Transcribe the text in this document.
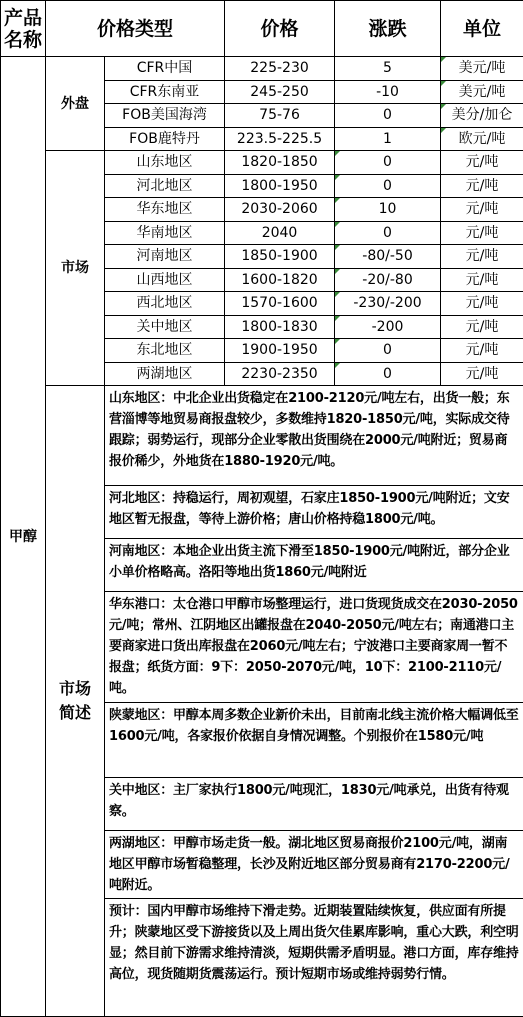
产品名称	价格类型		价格	涨跌	单位
甲醇	外盘	CFR中国	225-230	5	美元/吨
		CFR东南亚	245-250	-10	美元/吨
		FOB美国海湾	75-76	0	美分/加仑
		FOB鹿特丹	223.5-225.5	1	欧元/吨
	市场	山东地区	1820-1850	0	元/吨
		河北地区	1800-1950	0	元/吨
		华东地区	2030-2060	10	元/吨
		华南地区	2040	0	元/吨
		河南地区	1850-1900	-80/-50	元/吨
		山西地区	1600-1820	-20/-80	元/吨
		西北地区	1570-1600	-230/-200	元/吨
		关中地区	1800-1830	-200	元/吨
		东北地区	1900-1950	0	元/吨
		两湖地区	2230-2350	0	元/吨
	市场简述	山东地区：中北企业出货稳定在2100-2120元/吨左右，出货一般；东营淄博等地贸易商报盘较少，多数维持1820-1850元/吨，实际成交待跟踪；弱势运行，现部分企业零散出货围绕在2000元/吨附近；贸易商报价稀少，外地货在1880-1920元/吨。			
		河北地区：持稳运行，周初观望，石家庄1850-1900元/吨附近；文安地区暂无报盘，等待上游价格；唐山价格持稳1800元/吨。			
		河南地区：本地企业出货主流下滑至1850-1900元/吨附近，部分企业小单价格略高。洛阳等地出货1860元/吨附近			
		华东港口：太仓港口甲醇市场整理运行，进口货现货成交在2030-2050元/吨；常州、江阴地区出罐报盘在2040-2050元/吨左右；南通港口主要商家进口货出库报盘在2060元/吨左右；宁波港口主要商家周一暂不报盘；纸货方面：9下：2050-2070元/吨，10下：2100-2110元/吨。			
		陕蒙地区：甲醇本周多数企业新价未出，目前南北线主流价格大幅调低至1600元/吨，各家报价依据自身情况调整。个别报价在1580元/吨			
		关中地区：主厂家执行1800元/吨现汇，1830元/吨承兑，出货有待观察。			
		两湖地区：甲醇市场走货一般。湖北地区贸易商报价2100元/吨，湖南地区甲醇市场暂稳整理，长沙及附近地区部分贸易商有2170-2200元/吨附近。			
		预计：国内甲醇市场维持下滑走势。近期装置陆续恢复，供应面有所提升；陕蒙地区受下游接货以及上周出货欠佳累库影响，重心大跌，利空明显；然目前下游需求维持清淡，短期供需矛盾明显。港口方面，库存维持高位，现货随期货震荡运行。预计短期市场或维持弱势行情。			
